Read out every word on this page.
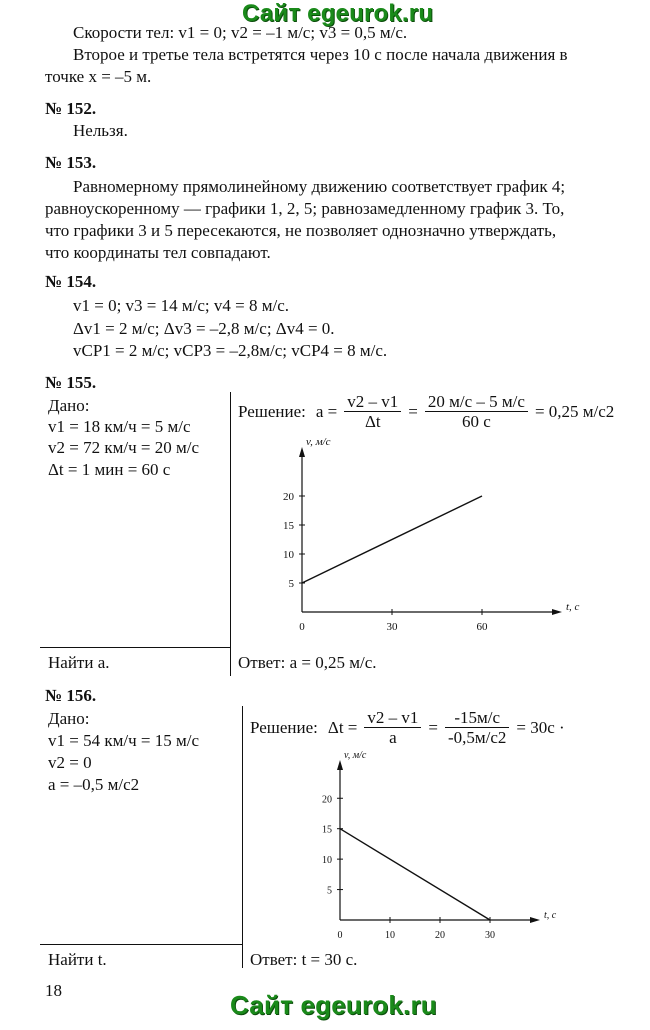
Сайт egeurok.ru
Скорости тел: v1 = 0; v2 = –1 м/с; v3 = 0,5 м/с.
Второе и третье тела встретятся через 10 с после начала движения в
точке x = –5 м.
№ 152.
Нельзя.
№ 153.
Равномерному прямолинейному движению соответствует график 4;
равноускоренному — графики 1, 2, 5; равнозамедленному график 3. То,
что графики 3 и 5 пересекаются, не позволяет однозначно утверждать,
что координаты тел совпадают.
№ 154.
v1 = 0; v3 = 14 м/с; v4 = 8 м/с.
Δv1 = 2 м/с; Δv3 = –2,8 м/с; Δv4 = 0.
vСР1 = 2 м/с; vСР3 = –2,8м/с; vСР4 = 8 м/с.
№ 155.
Дано:
v1 = 18 км/ч = 5 м/с
v2 = 72 км/ч = 20 м/с
Δt = 1 мин = 60 с
Найти a.
Решение: $a = \frac{v2 - v1}{\Delta t} = \frac{20 м/с - 5 м/с}{60 с} = 0,25$ м/с2
0	30	60
5
10
15
20
t, с
v, м/с
Ответ: a = 0,25 м/с.
№ 156.
Дано:
v1 = 54 км/ч = 15 м/с
v2 = 0
a = –0,5 м/с2
Найти t.
Решение: $\Delta t = \frac{v2 - v1}{a} = \frac{-15м/с}{-0,5м/с2} = 30с$ ·
0	10	20	30
5
10
15
20
t, с
v, м/с
Ответ: t = 30 с.
18	Сайт egeurok.ru
